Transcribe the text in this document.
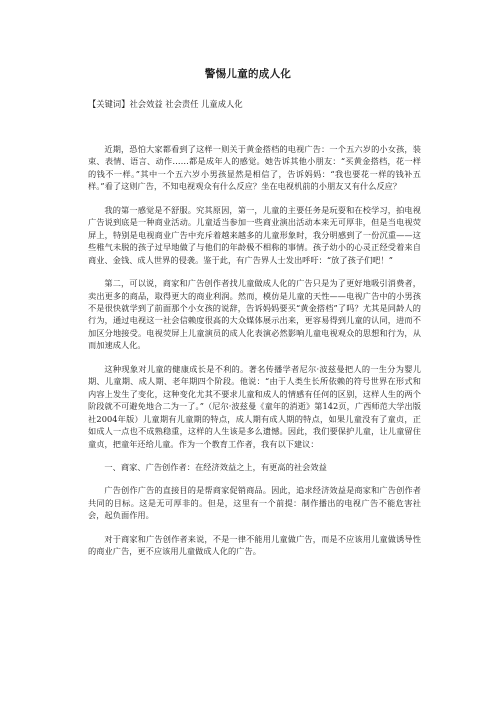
警惕儿童的成人化
【关键词】社会效益 社会责任 儿童成人化

近期，恐怕大家都看到了这样一则关于黄金搭档的电视广告：一个五六岁的小女孩，装束、表情、语言、动作……都是成年人的感觉。她告诉其他小朋友：“买黄金搭档，花一样的钱不一样。”其中一个五六岁小男孩显然是相信了，告诉妈妈：“我也要花一样的钱补五样。”看了这则广告，不知电视观众有什么反应？坐在电视机前的小朋友又有什么反应？

我的第一感觉是不舒服。究其原因，第一，儿童的主要任务是玩耍和在校学习，拍电视广告说到底是一种商业活动。儿童适当参加一些商业演出活动本来无可厚非，但是当电视荧屏上，特别是电视商业广告中充斥着越来越多的儿童形象时，我分明感到了一份沉重——这些稚气未脱的孩子过早地做了与他们的年龄极不相称的事情。孩子幼小的心灵正经受着来自商业、金钱、成人世界的侵袭。鉴于此，有广告界人士发出呼吁：“放了孩子们吧！”

第二，可以说，商家和广告创作者找儿童做成人化的广告只是为了更好地吸引消费者，卖出更多的商品，取得更大的商业利润。然而，模仿是儿童的天性——电视广告中的小男孩不是很快就学到了前面那个小女孩的说辞，告诉妈妈要买“黄金搭档”了吗？尤其是同龄人的行为，通过电视这一社会信赖度很高的大众媒体展示出来，更容易得到儿童的认同，进而不加区分地接受。电视荧屏上儿童演员的成人化表演必然影响儿童电视观众的思想和行为，从而加速成人化。

这种现象对儿童的健康成长是不利的。著名传播学者尼尔·波兹曼把人的一生分为婴儿期、儿童期、成人期、老年期四个阶段。他说：“由于人类生长所依赖的符号世界在形式和内容上发生了变化，这种变化尤其不要求儿童和成人的情感有任何的区别，这样人生的两个阶段就不可避免地合二为一了。”（尼尔·波兹曼《童年的消逝》第142页，广西师范大学出版社2004年版）儿童期有儿童期的特点，成人期有成人期的特点，如果儿童没有了童贞，正如成人一点也不成熟稳重，这样的人生该是多么遗憾。因此，我们要保护儿童，让儿童留住童贞，把童年还给儿童。作为一个教育工作者，我有以下建议：

一、商家、广告创作者：在经济效益之上，有更高的社会效益

广告创作广告的直接目的是帮商家促销商品。因此，追求经济效益是商家和广告创作者共同的目标。这是无可厚非的。但是，这里有一个前提：制作播出的电视广告不能危害社会，起负面作用。

对于商家和广告创作者来说，不是一律不能用儿童做广告，而是不应该用儿童做诱导性的商业广告，更不应该用儿童做成人化的广告。
